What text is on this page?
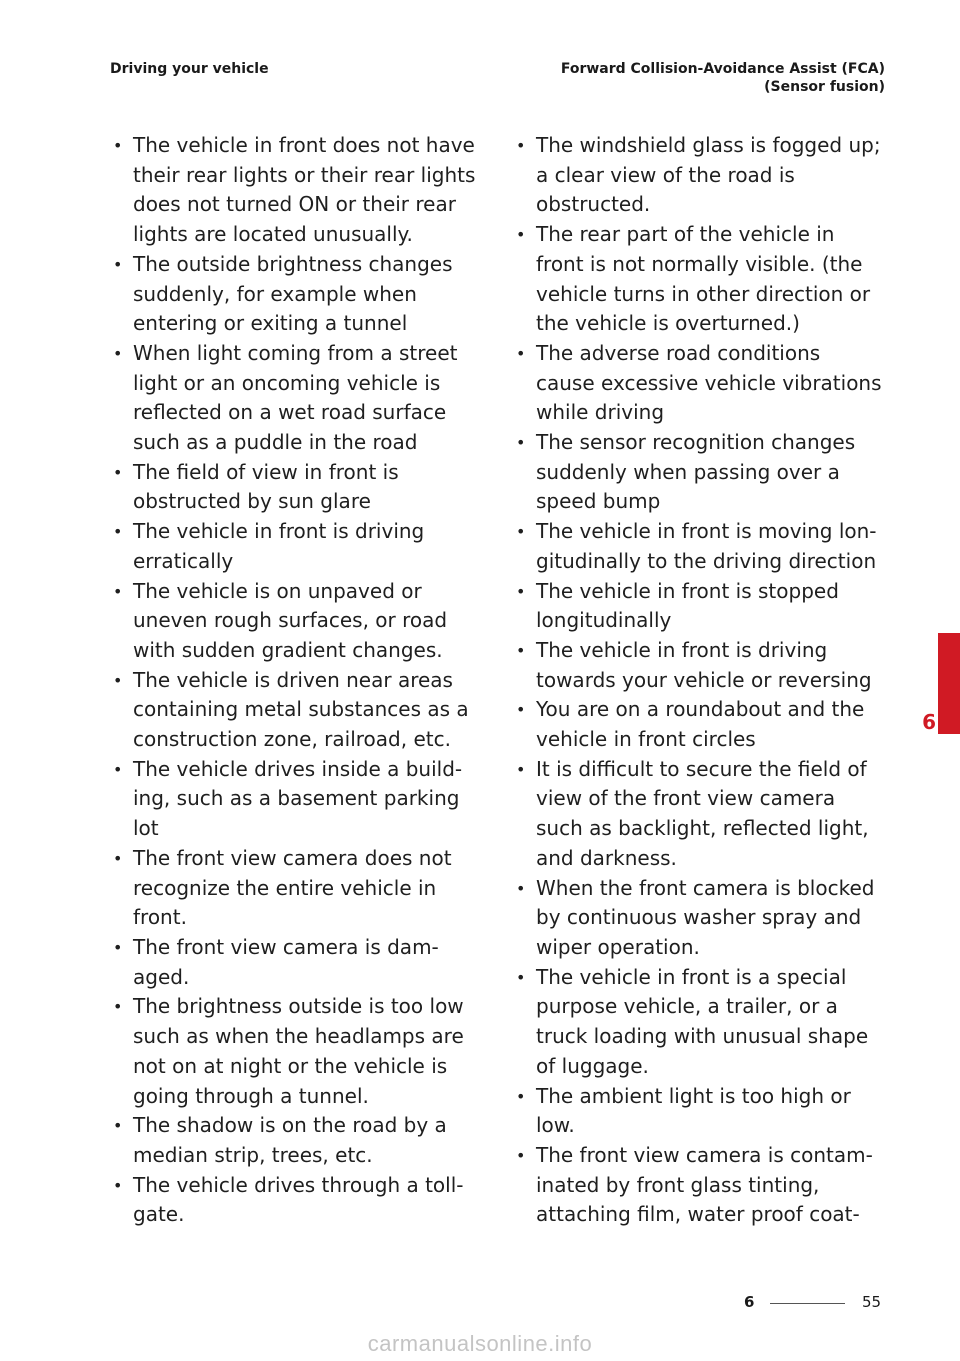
Driving your vehicle	Forward Collision-Avoidance Assist (FCA)
(Sensor fusion)
• The vehicle in front does not have
their rear lights or their rear lights
does not turned ON or their rear
lights are located unusually.
• The outside brightness changes
suddenly, for example when
entering or exiting a tunnel
• When light coming from a street
light or an oncoming vehicle is
reflected on a wet road surface
such as a puddle in the road
• The field of view in front is
obstructed by sun glare
• The vehicle in front is driving
erratically
• The vehicle is on unpaved or
uneven rough surfaces, or road
with sudden gradient changes.
• The vehicle is driven near areas
containing metal substances as a
construction zone, railroad, etc.
• The vehicle drives inside a build-
ing, such as a basement parking
lot
• The front view camera does not
recognize the entire vehicle in
front.
• The front view camera is dam-
aged.
• The brightness outside is too low
such as when the headlamps are
not on at night or the vehicle is
going through a tunnel.
• The shadow is on the road by a
median strip, trees, etc.
• The vehicle drives through a toll-
gate.
• The windshield glass is fogged up;
a clear view of the road is
obstructed.
• The rear part of the vehicle in
front is not normally visible. (the
vehicle turns in other direction or
the vehicle is overturned.)
• The adverse road conditions
cause excessive vehicle vibrations
while driving
• The sensor recognition changes
suddenly when passing over a
speed bump
• The vehicle in front is moving lon-
gitudinally to the driving direction
• The vehicle in front is stopped
longitudinally
• The vehicle in front is driving
towards your vehicle or reversing
• You are on a roundabout and the
vehicle in front circles
• It is difficult to secure the field of
view of the front view camera
such as backlight, reflected light,
and darkness.
• When the front camera is blocked
by continuous washer spray and
wiper operation.
• The vehicle in front is a special
purpose vehicle, a trailer, or a
truck loading with unusual shape
of luggage.
• The ambient light is too high or
low.
• The front view camera is contam-
inated by front glass tinting,
attaching film, water proof coat-
6
6	55
carmanualsonline.info
